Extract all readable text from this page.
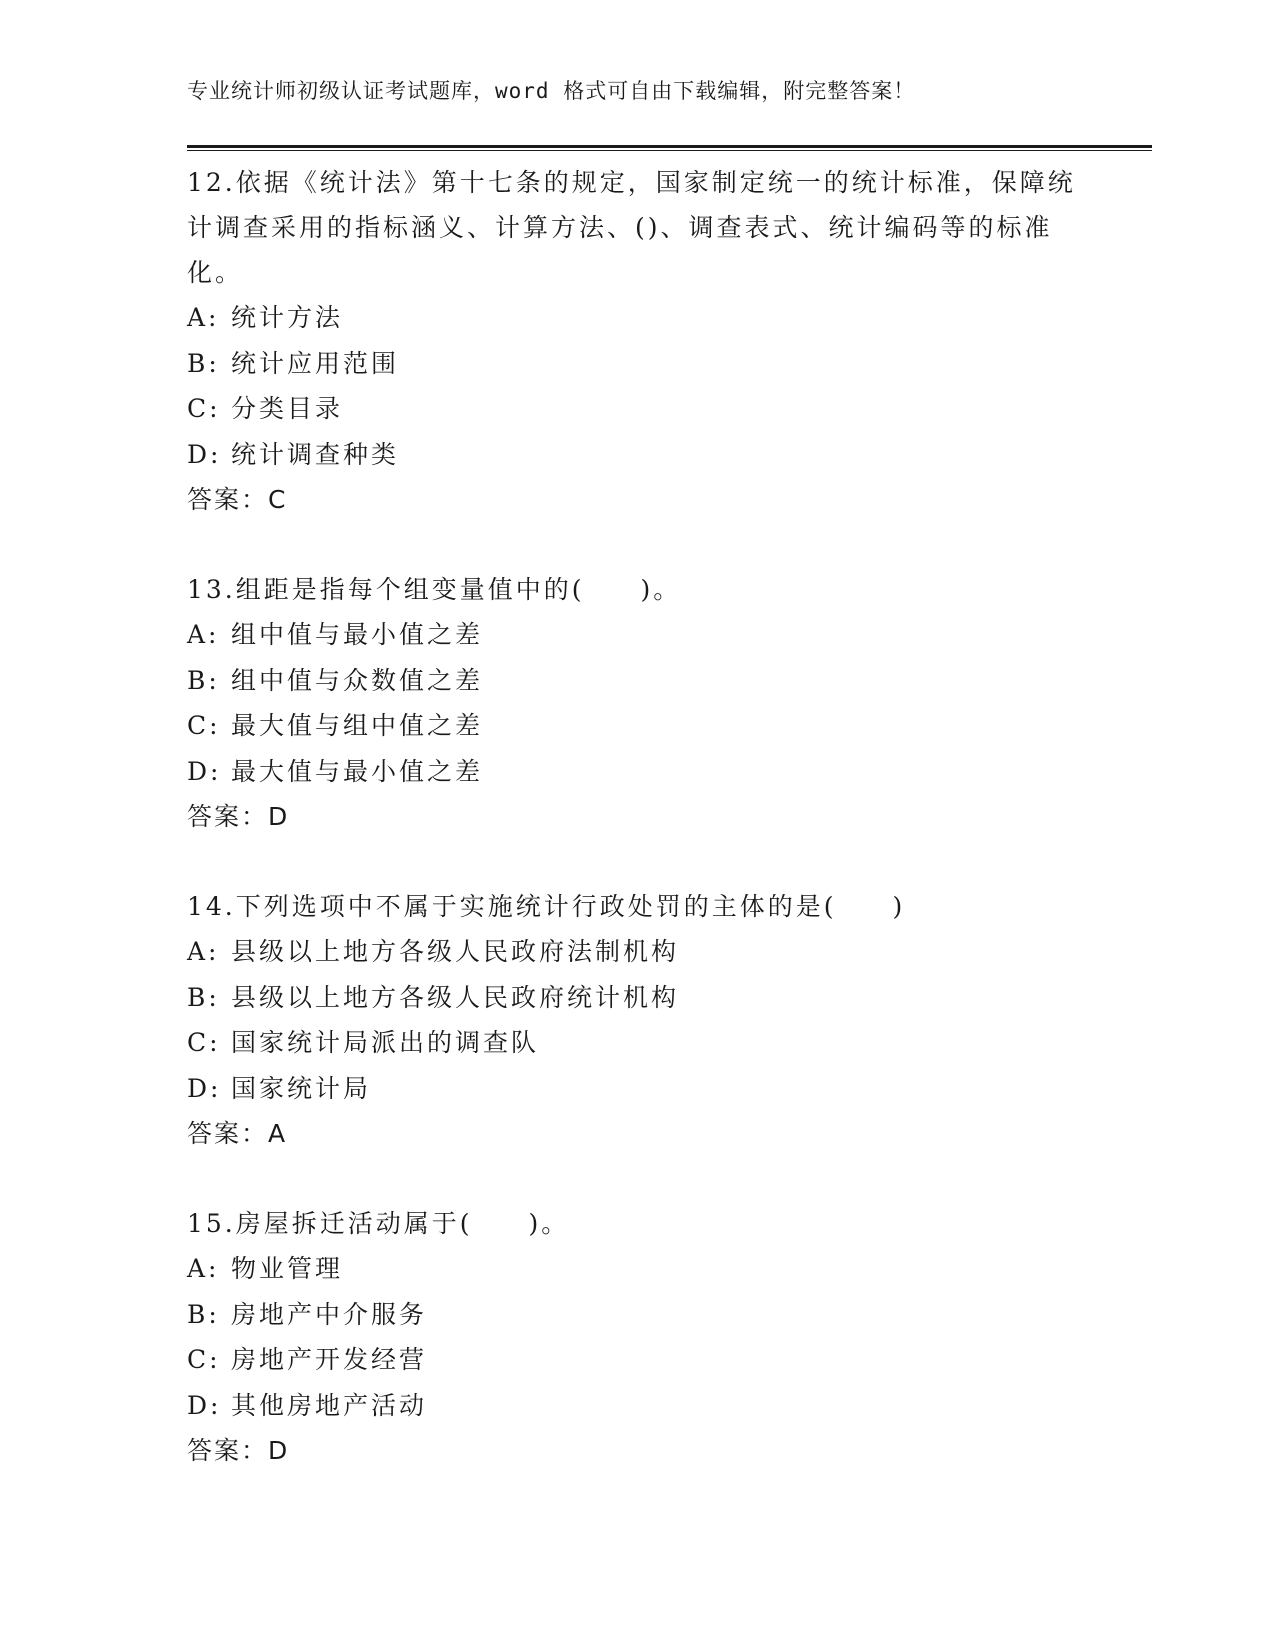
专业统计师初级认证考试题库，word 格式可自由下载编辑，附完整答案！

12.依据《统计法》第十七条的规定，国家制定统一的统计标准，保障统计调查采用的指标涵义、计算方法、()、调查表式、统计编码等的标准化。

A: 统计方法

B: 统计应用范围

C: 分类目录

D: 统计调查种类

答案：C

13.组距是指每个组变量值中的(　　)。

A: 组中值与最小值之差

B: 组中值与众数值之差

C: 最大值与组中值之差

D: 最大值与最小值之差

答案：D

14.下列选项中不属于实施统计行政处罚的主体的是(　　)

A: 县级以上地方各级人民政府法制机构

B: 县级以上地方各级人民政府统计机构

C: 国家统计局派出的调查队

D: 国家统计局

答案：A

15.房屋拆迁活动属于(　　)。

A: 物业管理

B: 房地产中介服务

C: 房地产开发经营

D: 其他房地产活动

答案：D
